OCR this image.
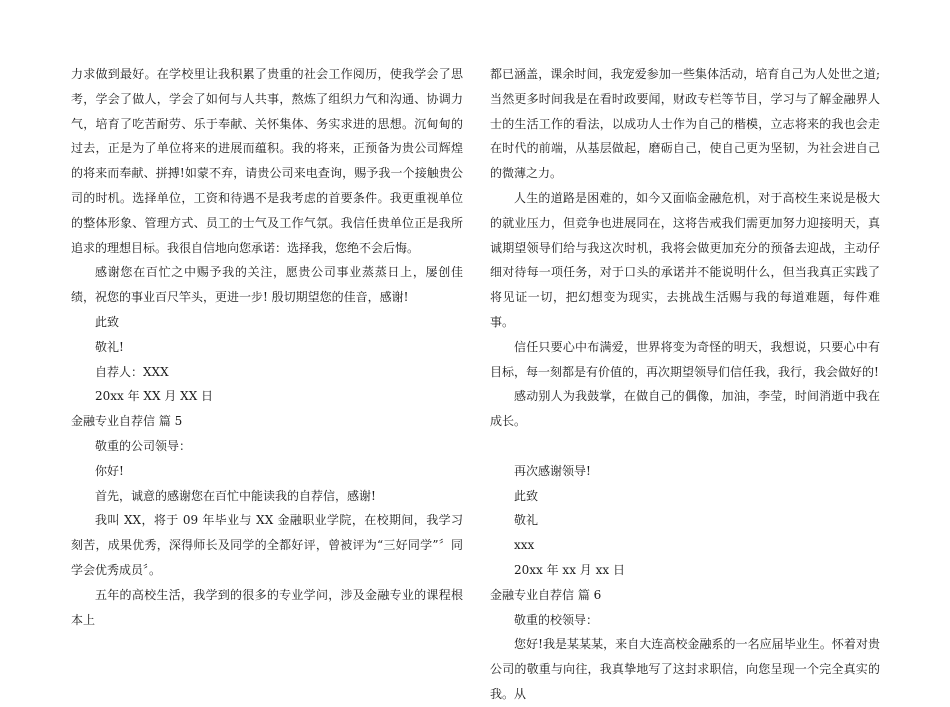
力求做到最好。在学校里让我积累了贵重的社会工作阅历，使我学会了思考，学会了做人，学会了如何与人共事，熬炼了组织力气和沟通、协调力气，培育了吃苦耐劳、乐于奉献、关怀集体、务实求进的思想。沉甸甸的过去，正是为了单位将来的进展而蕴积。我的将来，正预备为贵公司辉煌的将来而奉献、拼搏!如蒙不弃，请贵公司来电查询，赐予我一个接触贵公司的时机。选择单位，工资和待遇不是我考虑的首要条件。我更重视单位的整体形象、管理方式、员工的士气及工作气氛。我信任贵单位正是我所追求的理想目标。我很自信地向您承诺：选择我，您绝不会后悔。

感谢您在百忙之中赐予我的关注，愿贵公司事业蒸蒸日上，屡创佳绩，祝您的事业百尺竿头，更进一步! 殷切期望您的佳音，感谢!

此致

敬礼!

自荐人：XXX

20xx 年 XX 月 XX 日

金融专业自荐信 篇 5

敬重的公司领导：

你好!

首先，诚意的感谢您在百忙中能读我的自荐信，感谢!

我叫 XX，将于 09 年毕业与 XX 金融职业学院，在校期间，我学习刻苦，成果优秀，深得师长及同学的全都好评，曾被评为“三好同学”〞同学会优秀成员〞。

五年的高校生活，我学到的很多的专业学问，涉及金融专业的课程根本上

都已涵盖，课余时间，我宠爱参加一些集体活动，培育自己为人处世之道;当然更多时间我是在看时政要闻，财政专栏等节目，学习与了解金融界人士的生活工作的看法，以成功人士作为自己的楷模，立志将来的我也会走在时代的前端，从基层做起，磨砺自己，使自己更为坚韧，为社会进自己的微薄之力。

人生的道路是困难的，如今又面临金融危机，对于高校生来说是极大的就业压力，但竞争也进展同在，这将告戒我们需更加努力迎接明天，真诚期望领导们给与我这次时机，我将会做更加充分的预备去迎战，主动仔细对待每一项任务，对于口头的承诺并不能说明什么，但当我真正实践了将见证一切，把幻想变为现实，去挑战生活赐与我的每道难题，每件难事。

信任只要心中布满爱，世界将变为奇怪的明天，我想说，只要心中有目标，每一刻都是有价值的，再次期望领导们信任我，我行，我会做好的!

感动别人为我鼓掌，在做自己的偶像，加油，李莹，时间消逝中我在成长。

再次感谢领导!

此致

敬礼

xxx

20xx 年 xx 月 xx 日

金融专业自荐信 篇 6

敬重的校领导：

您好!我是某某某，来自大连高校金融系的一名应届毕业生。怀着对贵公司的敬重与向往，我真挚地写了这封求职信，向您呈现一个完全真实的我。从
